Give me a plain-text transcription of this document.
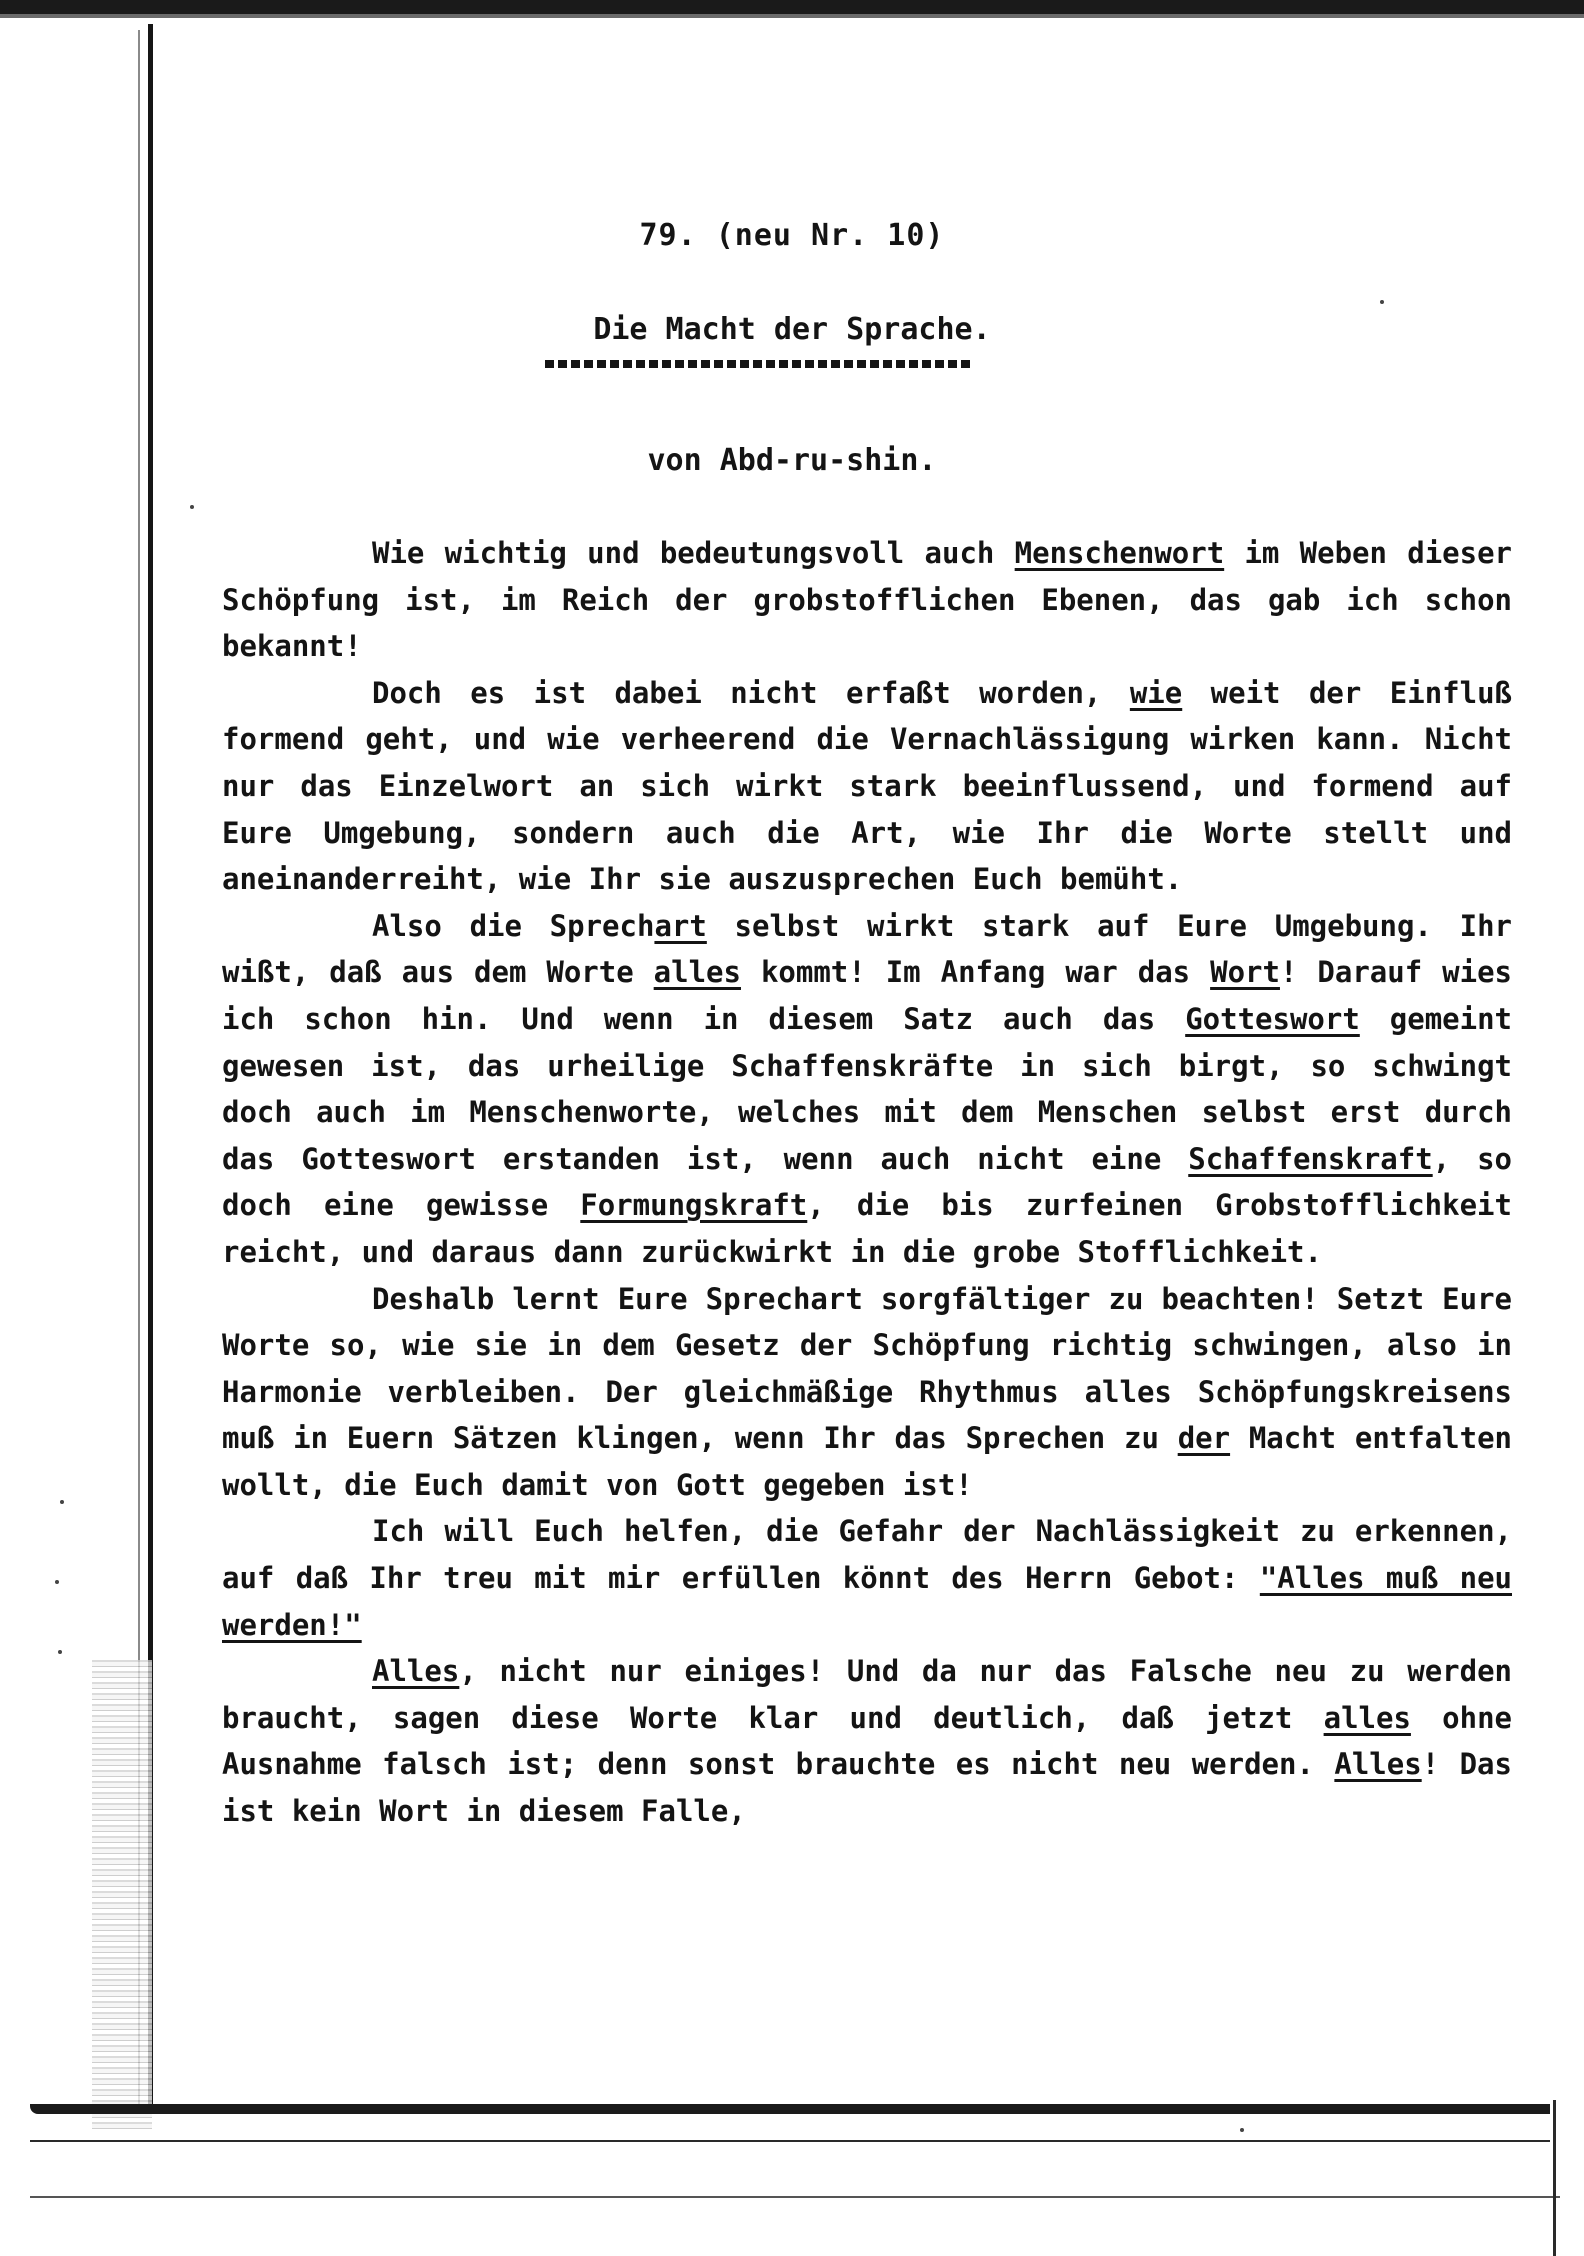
79. (neu Nr. 10)
Die Macht der Sprache.
von Abd-ru-shin.

Wie wichtig und bedeutungsvoll auch Menschenwort im Weben dieser Schöpfung ist, im Reich der grobstofflichen Ebenen, das gab ich schon bekannt!

Doch es ist dabei nicht erfaßt worden, wie weit der Einfluß formend geht, und wie verheerend die Vernachlässigung wirken kann. Nicht nur das Einzelwort an sich wirkt stark beeinflussend, und formend auf Eure Umgebung, sondern auch die Art, wie Ihr die Worte stellt und aneinanderreiht, wie Ihr sie auszusprechen Euch bemüht.

Also die Sprechart selbst wirkt stark auf Eure Umgebung. Ihr wißt, daß aus dem Worte alles kommt! Im Anfang war das Wort! Darauf wies ich schon hin. Und wenn in diesem Satz auch das Gotteswort gemeint gewesen ist, das urheilige Schaffenskräfte in sich birgt, so schwingt doch auch im Menschenworte, welches mit dem Menschen selbst erst durch das Gotteswort erstanden ist, wenn auch nicht eine Schaffenskraft, so doch eine gewisse Formungskraft, die bis zurfeinen Grobstofflichkeit reicht, und daraus dann zurückwirkt in die grobe Stofflichkeit.

Deshalb lernt Eure Sprechart sorgfältiger zu beachten! Setzt Eure Worte so, wie sie in dem Gesetz der Schöpfung richtig schwingen, also in Harmonie verbleiben. Der gleichmäßige Rhythmus alles Schöpfungskreisens muß in Euern Sätzen klingen, wenn Ihr das Sprechen zu der Macht entfalten wollt, die Euch damit von Gott gegeben ist!

Ich will Euch helfen, die Gefahr der Nachlässigkeit zu erkennen, auf daß Ihr treu mit mir erfüllen könnt des Herrn Gebot: "Alles muß neu werden!"

Alles, nicht nur einiges! Und da nur das Falsche neu zu werden braucht, sagen diese Worte klar und deutlich, daß jetzt alles ohne Ausnahme falsch ist; denn sonst brauchte es nicht neu werden. Alles! Das ist kein Wort in diesem Falle,
